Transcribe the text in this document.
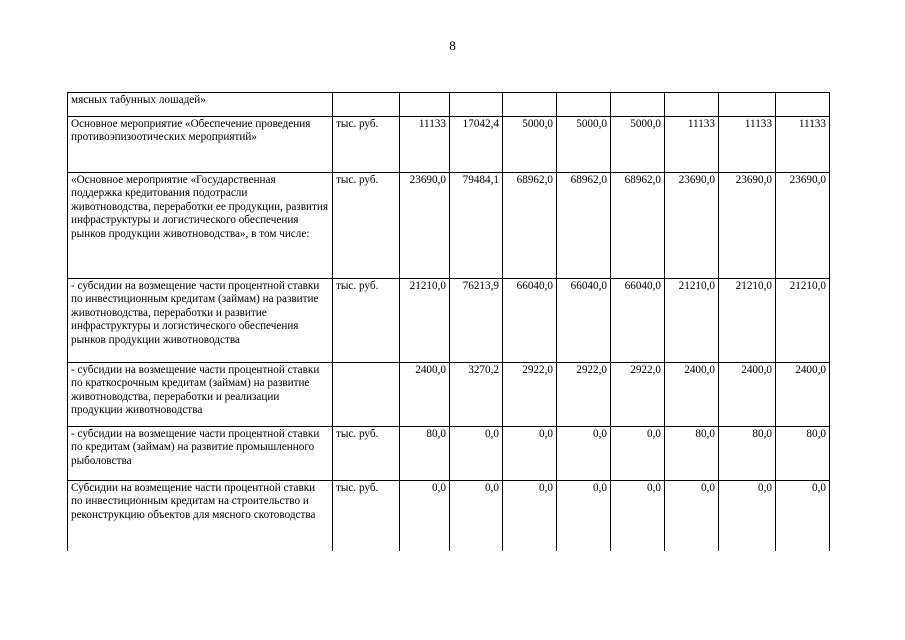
8
мясных табунных лошадей»									
Основное мероприятие «Обеспечение проведения противоэпизоотических мероприятий»	тыс. руб.	11133	17042,4	5000,0	5000,0	5000,0	11133	11133	11133
«Основное мероприятие «Государственная поддержка кредитования подотрасли животноводства, переработки ее продукции, развития инфраструктуры и логистического обеспечения рынков продукции животноводства», в том числе:	тыс. руб.	23690,0	79484,1	68962,0	68962,0	68962,0	23690,0	23690,0	23690,0
- субсидии на возмещение части процентной ставки по инвестиционным кредитам (займам) на развитие животноводства, переработки и развитие инфраструктуры и логистического обеспечения рынков продукции животноводства	тыс. руб.	21210,0	76213,9	66040,0	66040,0	66040,0	21210,0	21210,0	21210,0
- субсидии на возмещение части процентной ставки по краткосрочным кредитам (займам) на развитие животноводства, переработки и реализации продукции животноводства		2400,0	3270,2	2922,0	2922,0	2922,0	2400,0	2400,0	2400,0
- субсидии на возмещение части процентной ставки по кредитам (займам) на развитие промышленного рыболовства	тыс. руб.	80,0	0,0	0,0	0,0	0,0	80,0	80,0	80,0
Субсидии на возмещение части процентной ставки по инвестиционным кредитам на строительство и реконструкцию объектов для мясного скотоводства	тыс. руб.	0,0	0,0	0,0	0,0	0,0	0,0	0,0	0,0
